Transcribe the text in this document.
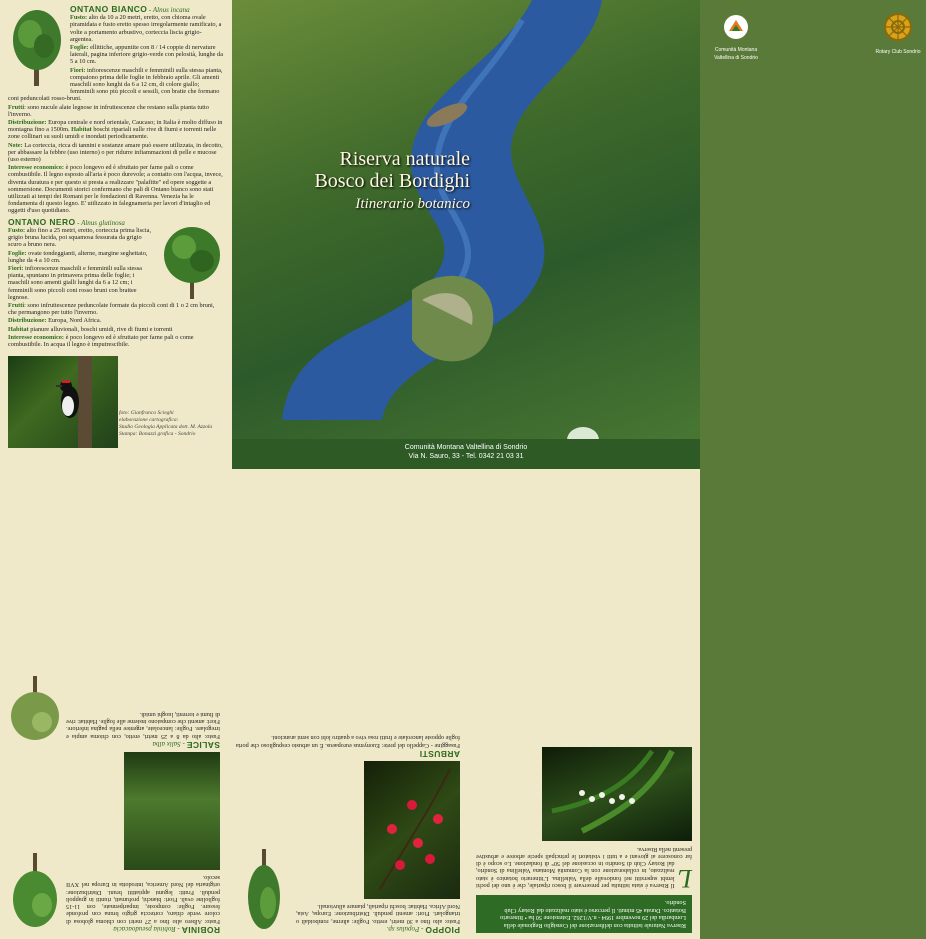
ONTANO BIANCO - Alnus incana
Fusto: alto da 10 a 20 metri, eretto, con chioma ovale piramidata e fusto eretto spesso irregolarmente ramificato, a volte a portamento arbustivo, corteccia liscia grigio-argentea.
Foglie: ellittiche, appuntite con 8 / 14 coppie di nervature laterali, pagina inferiore grigio-verde con pelosità, lunghe da 5 a 10 cm.
Fiori: infiorescenze maschili e femminili sulla stessa pianta, compaiono prima delle foglie in febbraio aprile. Gli amenti maschili sono lunghi da 6 a 12 cm, di colore giallo; femminili sono più piccoli e sessili, con bratte che formano coni peduncolati rosso-bruni.
Frutti: sono nucule alate legnose in infruttescenze che restano sulla pianta tutto l'inverno.
Distribuzione: Europa centrale e nord orientale, Caucaso; in Italia è molto diffuso in montagna fino a 1500m. Habitat boschi ripariali sulle rive di fiumi e torrenti nelle zone collinari su suoli umidi e inondati periodicamente.
Note: La corteccia, ricca di tannini e sostanze amare può essere utilizzata, in decotto, per abbassare la febbre (uso interno) o per ridurre infiammazioni di pelle e mucose (uso esterno)
Interesse economico: è poco longevo ed è sfruttato per farne pali o come combustibile. Il legno esposto all'aria è poco durevole; a contatto con l'acqua, invece, diventa duratura e per questo si presta a realizzare "palafitte" ed opere soggette a sommersione. Documenti storici confermano che pali di Ontano bianco sono stati utilizzati ai tempi dei Romani per le fondazioni di Ravenna. Venezia ha le fondamenta di questo legno. E' utilizzato in falegnameria per lavori d'intaglio ed oggetti d'uso quotidiano.
ONTANO NERO - Alnus glutinosa
Fusto: alto fino a 25 metri, eretto, corteccia prima liscia, grigio bruna lucida, poi squamosa fessurata da grigio scuro a bruno nera.
Foglie: ovate tondeggianti, alterne, margine seghettato, lunghe da 4 a 10 cm.
Fiori: infiorescenze maschili e femminili sulla stessa pianta, spuntano in primavera prima delle foglie; i maschili sono amenti gialli lunghi da 6 a 12 cm; i femminili sono piccoli coni rosso bruni con brattee legnose.
Frutti: sono infruttescenze peduncolate formate da piccoli coni di 1 o 2 cm bruni, che permangono per tutto l'inverno.
Distribuzione: Europa, Nord Africa.
Habitat pianure alluvionali, boschi umidi, rive di fiumi e torrenti
Interesse economico: è poco longevo ed è sfruttato per farne pali o come combustibile. In acqua il legno è imputrescibile.
foto: Gianfranco Scieghi
elaborazione cartografica:
Studio Geologia Applicata dott. M. Azzola
Stampa: Bonazzi grafica - Sondrio
Comunità Montana
Valtellina di Sondrio
Rotary Club Sondrio
Riserva naturale
Bosco dei Bordighi
Itinerario botanico
Comunità Montana Valtellina di Sondrio
Via N. Sauro, 33 - Tel. 0342 21 03 31
Riserva Naturale istituita con deliberazione del Consiglio Regionale della Lombardia del 29 novembre 1994 - n.V/1262. Estensione 50 ha • Itinerario Botanico. Durata 45 minuti. Il percorso è stato realizzato dal Rotary Club Sondrio.
L
Il Riserva è stata istituita per preservare il bosco ripariale, che è uno dei pochi lembi superstiti nel fondovalle della Valtellina. L'itinerario botanico è stato realizzato, in collaborazione con la Comunità Montana Valtellina di Sondrio, dal Rotary Club di Sondrio in occasione del 50° di fondazione. Lo scopo è di far conoscere ai giovani e a tutti i visitatori le principali specie arboree e arbustive presenti nella Riserva.
PIOPPO - Populus sp.
Fusto: alto fino a 30 metri, eretto. Foglie: alterne, romboidali o triangolari. Fiori: amenti penduli. Distribuzione: Europa, Asia, Nord Africa. Habitat: boschi ripariali, pianure alluvionali.
ARBUSTI
Fusaggine - Cappello del prete: Euonymus europaeus. È un arbusto cespuglioso che porta foglie opposte lanceolate e frutti rosa vivo a quattro lobi con semi arancioni.
ROBINIA - Robinia pseudoacacia
Fusto: Albero alto fino a 27 metri con chioma globosa di colore verde chiaro, corteccia grigio bruna con profonde fessure. Foglie: composte, imparipennate, con 11-15 foglioline ovali. Fiori: bianchi, profumati, riuniti in grappoli penduli. Frutti: legumi appiattiti bruni. Distribuzione: originaria del Nord America, introdotta in Europa nel XVII secolo.
SALICE - Salix alba
Fusto: alto da 8 a 25 metri, eretto, con chioma ampia e irregolare. Foglie: lanceolate, argentee nella pagina inferiore. Fiori: amenti che compaiono insieme alle foglie. Habitat: rive di fiumi e torrenti, luoghi umidi.
